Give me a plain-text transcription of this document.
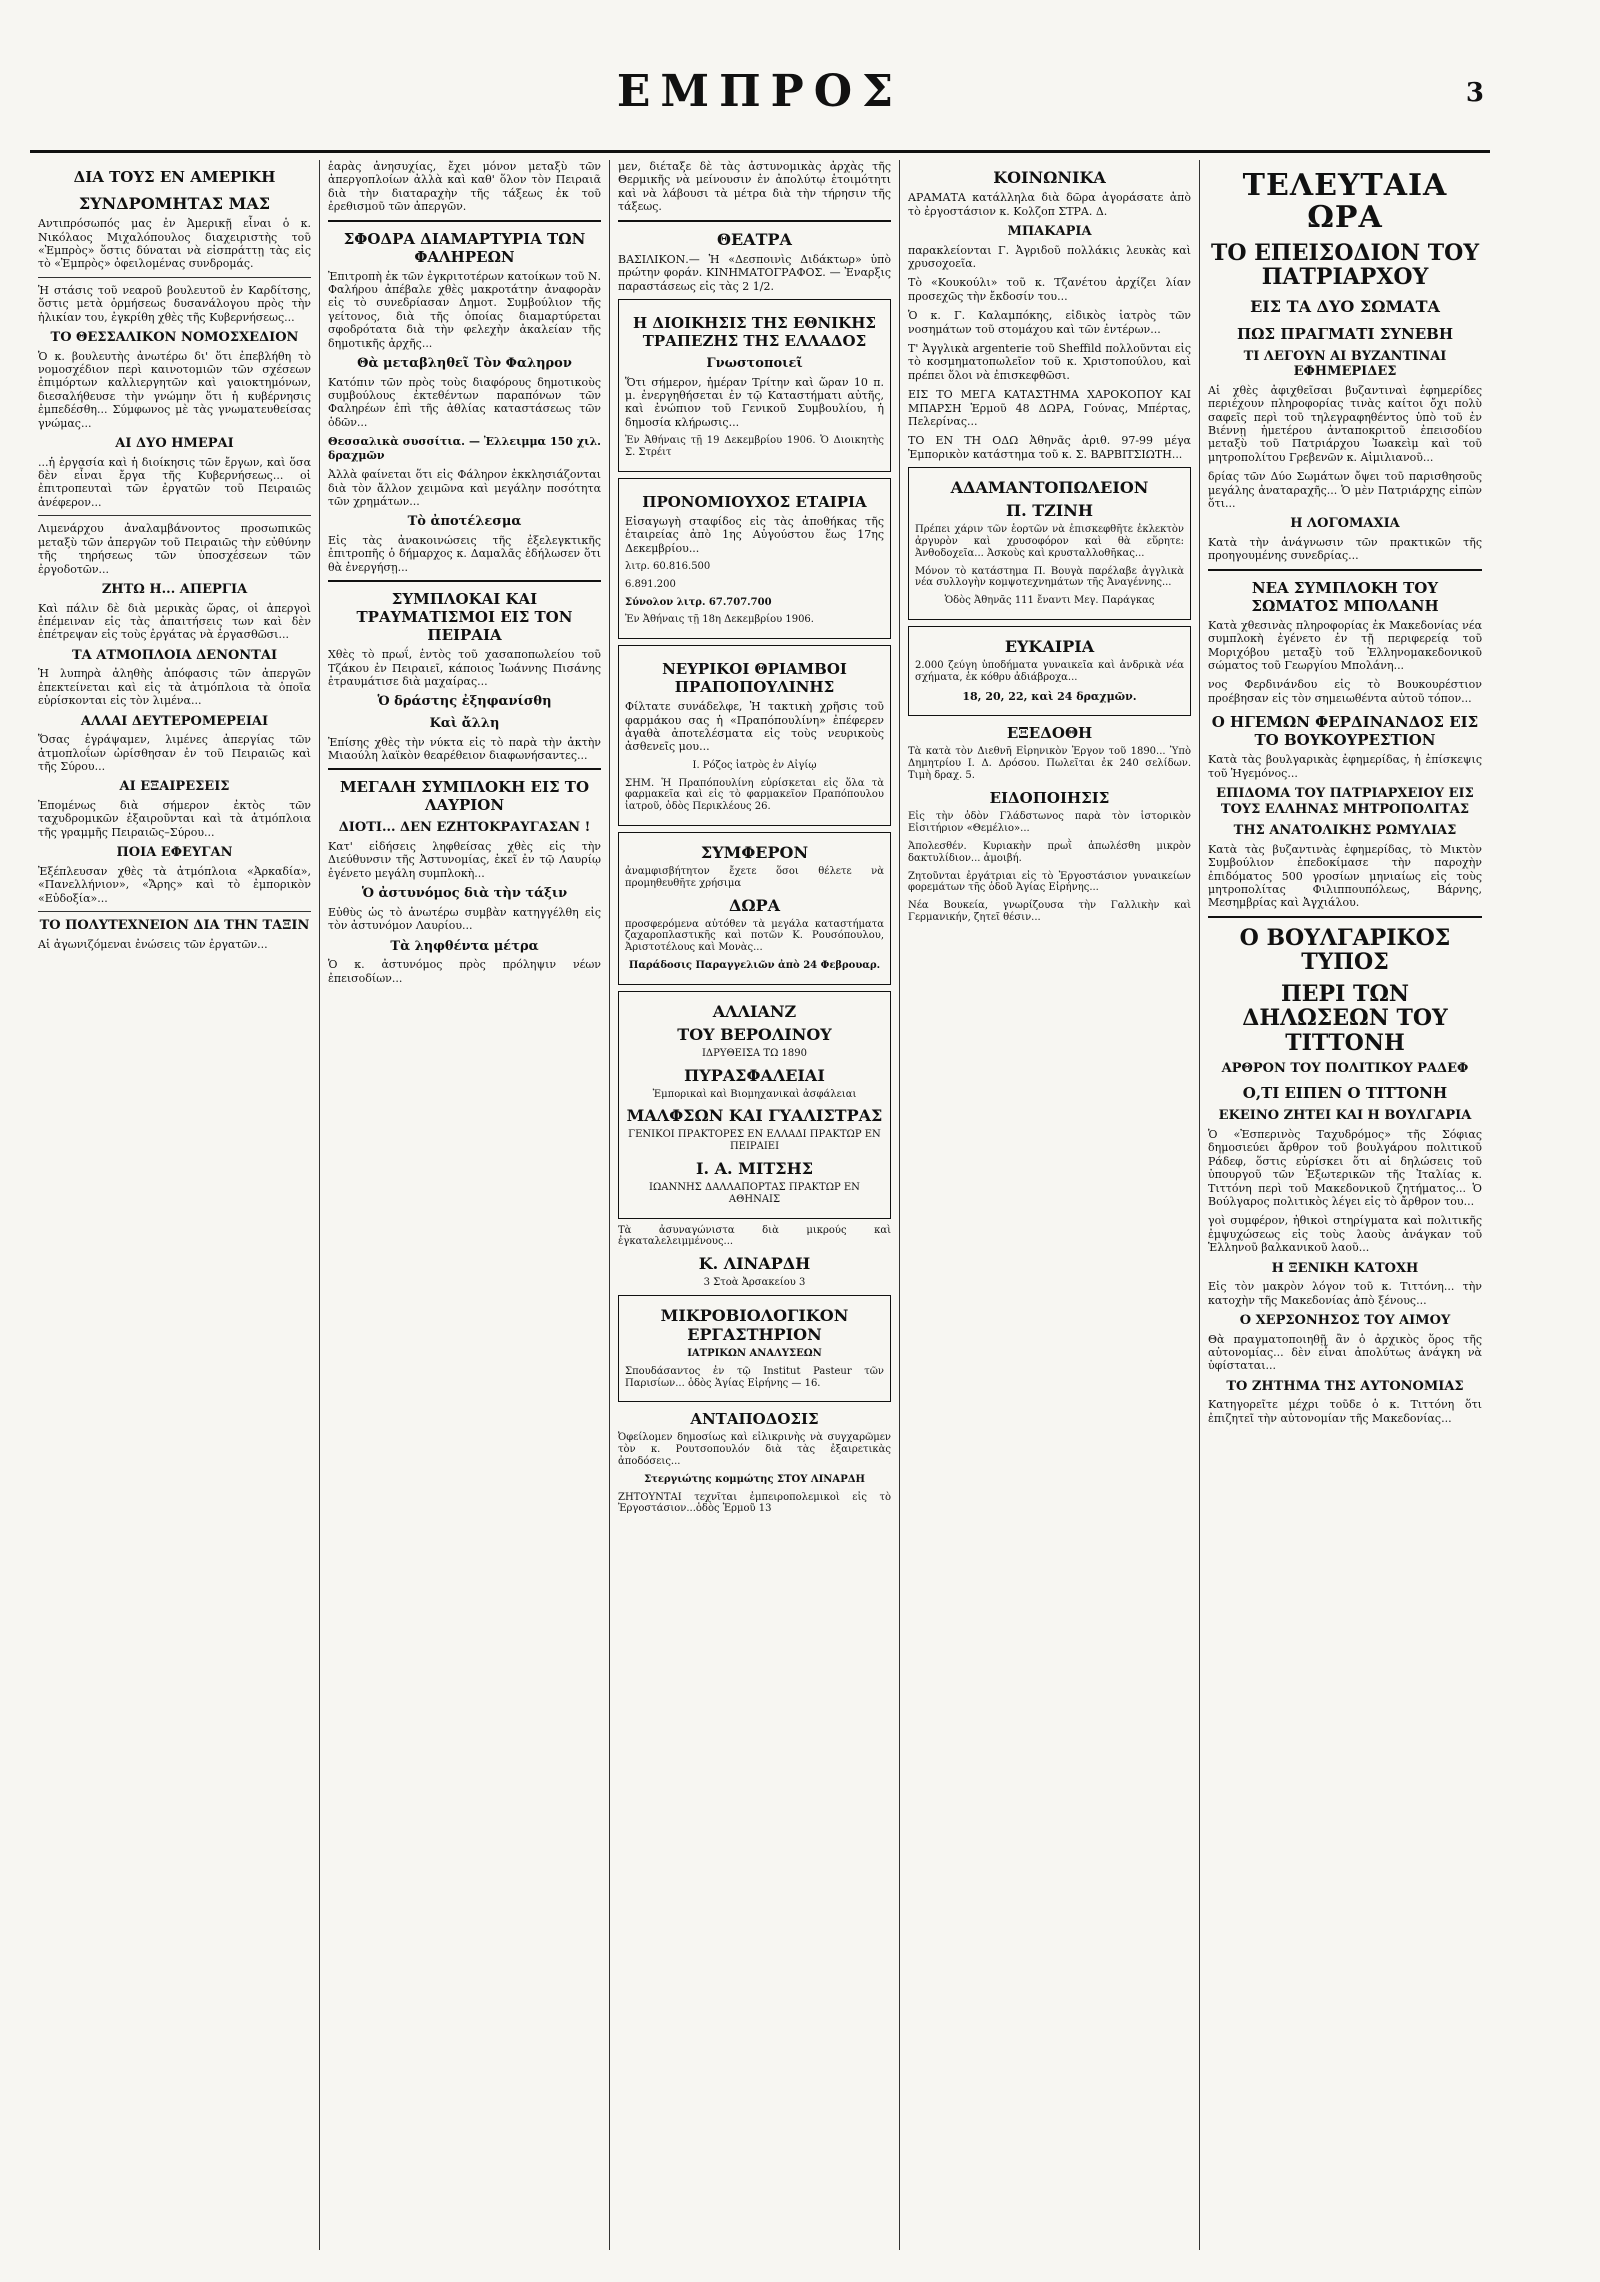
ΕΜΠΡΟΣ	3
ΔΙΑ ΤΟΥΣ ΕΝ ΑΜΕΡΙΚΗ
ΣΥΝΔΡΟΜΗΤΑΣ ΜΑΣ
Αντιπρόσωπός μας ἐν Ἀμερικῇ εἶναι ὁ κ. Νικόλαος Μιχαλόπουλος διαχειριστὴς τοῦ «Ἐμπρὸς» ὅστις δύναται νὰ εἰσπράττῃ τὰς εἰς τὸ «Ἐμπρὸς» ὀφειλομένας συνδρομάς.
Ἡ στάσις τοῦ νεαροῦ βουλευτοῦ ἐν Καρδίτσης, ὅστις μετὰ ὁρμήσεως δυσανάλογου πρὸς τὴν ἡλικίαν του, ἐγκρίθη χθὲς τῆς Κυβερνήσεως...
ΤΟ ΘΕΣΣΑΛΙΚΟΝ ΝΟΜΟΣΧΕΔΙΟΝ
Ὁ κ. βουλευτὴς ἀνωτέρω δι' ὅτι ἐπεβλήθη τὸ νομοσχέδιον περὶ καινοτομιῶν τῶν σχέσεων ἐπιμόρτων καλλιεργητῶν καὶ γαιοκτημόνων, διεσαλήθευσε τὴν γνώμην ὅτι ἡ κυβέρνησις ἐμπεδέσθη... Σύμφωνος μὲ τὰς γνωματευθείσας γνώμας...
ΑΙ ΔΥΟ ΗΜΕΡΑΙ
...ἡ ἐργασία καὶ ἡ διοίκησις τῶν ἔργων, καὶ ὅσα δὲν εἶναι ἔργα τῆς Κυβερνήσεως... οἱ ἐπιτροπευταὶ τῶν ἐργατῶν τοῦ Πειραιῶς ἀνέφερον...
Λιμενάρχου ἀναλαμβάνοντος προσωπικῶς μεταξὺ τῶν ἀπεργῶν τοῦ Πειραιῶς τὴν εὐθύνην τῆς τηρήσεως τῶν ὑποσχέσεων τῶν ἐργοδοτῶν...
ΖΗΤΩ Η... ΑΠΕΡΓΙΑ
Καὶ πάλιν δὲ διὰ μερικὰς ὥρας, οἱ ἀπεργοὶ ἐπέμειναν εἰς τὰς ἀπαιτήσεις των καὶ δὲν ἐπέτρεψαν εἰς τοὺς ἐργάτας νὰ ἐργασθῶσι...
ΤΑ ΑΤΜΟΠΛΟΙΑ ΔΕΝΟΝΤΑΙ
Ἡ λυπηρὰ ἀληθὴς ἀπόφασις τῶν ἀπεργῶν ἐπεκτείνεται καὶ εἰς τὰ ἀτμόπλοια τὰ ὁποῖα εὑρίσκονται εἰς τὸν λιμένα...
ΑΛΛΑΙ ΔΕΥΤΕΡΟΜΕΡΕΙΑΙ
Ὅσας ἐγράψαμεν, λιμένες ἀπεργίας τῶν ἀτμοπλοΐων ὡρίσθησαν ἐν τοῦ Πειραιῶς καὶ τῆς Σύρου...
ΑΙ ΕΞΑΙΡΕΣΕΙΣ
Ἐπομένως διὰ σήμερον ἐκτὸς τῶν ταχυδρομικῶν ἐξαιροῦνται καὶ τὰ ἀτμόπλοια τῆς γραμμῆς Πειραιῶς–Σύρου...
ΠΟΙΑ ΕΦΕΥΓΑΝ
Ἐξέπλευσαν χθὲς τὰ ἀτμόπλοια «Ἀρκαδία», «Πανελλήνιον», «Ἄρης» καὶ τὸ ἐμπορικὸν «Εὐδοξία»...
ΤΟ ΠΟΛΥΤΕΧΝΕΙΟΝ ΔΙΑ ΤΗΝ ΤΑΞΙΝ
Αἱ ἀγωνιζόμεναι ἐνώσεις τῶν ἐργατῶν...
ἑαρὰς ἀνησυχίας, ἔχει μόνον μεταξὺ τῶν ἀπεργοπλοίων ἀλλὰ καὶ καθ' ὅλον τὸν Πειραιᾶ διὰ τὴν διαταραχὴν τῆς τάξεως ἐκ τοῦ ἐρεθισμοῦ τῶν ἀπεργῶν.
ΣΦΟΔΡΑ ΔΙΑΜΑΡΤΥΡΙΑ ΤΩΝ ΦΑΛΗΡΕΩΝ
Ἐπιτροπὴ ἐκ τῶν ἐγκριτοτέρων κατοίκων τοῦ Ν. Φαλήρου ἀπέβαλε χθὲς μακροτάτην ἀναφορὰν εἰς τὸ συνεδρίασαν Δημοτ. Συμβούλιον τῆς γείτονος, διὰ τῆς ὁποίας διαμαρτύρεται σφοδρότατα διὰ τὴν φελεχὴν ἀκαλείαν τῆς δημοτικῆς ἀρχῆς...
Θὰ μεταβληθεῖ Τὸν Φαληρον
Κατόπιν τῶν πρὸς τοὺς διαφόρους δημοτικοὺς συμβούλους ἐκτεθέντων παραπόνων τῶν Φαληρέων ἐπὶ τῆς ἀθλίας καταστάσεως τῶν ὁδῶν...
Θεσσαλικὰ συσσίτια. — Ἐλλειμμα 150 χιλ. δραχμῶν
Ἀλλὰ φαίνεται ὅτι εἰς Φάληρον ἐκκλησιάζονται διὰ τὸν ἄλλον χειμῶνα καὶ μεγάλην ποσότητα τῶν χρημάτων...
Τὸ ἀποτέλεσμα
Εἰς τὰς ἀνακοινώσεις τῆς ἐξελεγκτικῆς ἐπιτροπῆς ὁ δήμαρχος κ. Δαμαλᾶς ἐδήλωσεν ὅτι θὰ ἐνεργήσῃ...
ΣΥΜΠΛΟΚΑΙ ΚΑΙ ΤΡΑΥΜΑΤΙΣΜΟΙ ΕΙΣ ΤΟΝ ΠΕΙΡΑΙΑ
Χθὲς τὸ πρωΐ, ἐντὸς τοῦ χασαποπωλείου τοῦ Τζάκου ἐν Πειραιεῖ, κάποιος Ἰωάννης Πισάνης ἐτραυμάτισε διὰ μαχαίρας...
Ὁ δράστης ἐξηφανίσθη
Καὶ ἄλλη
Ἐπίσης χθὲς τὴν νύκτα εἰς τὸ παρὰ τὴν ἀκτὴν Μιαούλη λαϊκὸν θεαρέθειον διαφωνήσαντες...
ΜΕΓΑΛΗ ΣΥΜΠΛΟΚΗ ΕΙΣ ΤΟ ΛΑΥΡΙΟΝ
ΔΙΟΤΙ... ΔΕΝ ΕΖΗΤΟΚΡΑΥΓΑΣΑΝ !
Κατ' εἰδήσεις ληφθείσας χθὲς εἰς τὴν Διεύθυνσιν τῆς Ἀστυνομίας, ἐκεῖ ἐν τῷ Λαυρίῳ ἐγένετο μεγάλη συμπλοκὴ...
Ὁ ἀστυνόμος διὰ τὴν τάξιν
Εὐθὺς ὡς τὸ ἀνωτέρω συμβὰν κατηγγέλθη εἰς τὸν ἀστυνόμον Λαυρίου...
Τὰ ληφθέντα μέτρα
Ὁ κ. ἀστυνόμος πρὸς πρόληψιν νέων ἐπεισοδίων...
μεν, διέταξε δὲ τὰς ἀστυνομικὰς ἀρχὰς τῆς Θερμικῆς νὰ μείνουσιν ἐν ἀπολύτῳ ἑτοιμότητι καὶ νὰ λάβουσι τὰ μέτρα διὰ τὴν τήρησιν τῆς τάξεως.
ΘΕΑΤΡΑ
ΒΑΣΙΛΙΚΟΝ.— Ἡ «Δεσποινὶς Διδάκτωρ» ὑπὸ πρώτην φοράν. ΚΙΝΗΜΑΤΟΓΡΑΦΟΣ. — Ἐναρξις παραστάσεως εἰς τὰς 2 1/2.
Η ΔΙΟΙΚΗΣΙΣ ΤΗΣ ΕΘΝΙΚΗΣ ΤΡΑΠΕΖΗΣ ΤΗΣ ΕΛΛΑΔΟΣ
Γνωστοποιεῖ
Ὅτι σήμερον, ἡμέραν Τρίτην καὶ ὥραν 10 π. μ. ἐνεργηθήσεται ἐν τῷ Καταστήματι αὐτῆς, καὶ ἐνώπιον τοῦ Γενικοῦ Συμβουλίου, ἡ δημοσία κλήρωσις...
Ἐν Ἀθήναις τῇ 19 Δεκεμβρίου 1906. Ὁ Διοικητὴς Σ. Στρέιτ
ΠΡΟΝΟΜΙΟΥΧΟΣ ΕΤΑΙΡΙΑ
Εἰσαγωγὴ σταφίδος εἰς τὰς ἀποθήκας τῆς ἑταιρείας ἀπὸ 1ης Αὐγούστου ἕως 17ης Δεκεμβρίου...
λιτρ. 60.816.500
6.891.200
Σύνολον λιτρ. 67.707.700
Ἐν Ἀθήναις τῇ 18η Δεκεμβρίου 1906.
ΝΕΥΡΙΚΟΙ ΘΡΙΑΜΒΟΙ ΠΡΑΠΟΠΟΥΛΙΝΗΣ
Φίλτατε συνάδελφε, Ἡ τακτικὴ χρῆσις τοῦ φαρμάκου σας ἡ «Πραπόπουλίνη» ἐπέφερεν ἀγαθὰ ἀποτελέσματα εἰς τοὺς νευρικοὺς ἀσθενεῖς μου...
Ι. Ρόζος ἰατρὸς ἐν Αἰγίῳ
ΣΗΜ. Ἡ Πραπόπουλίνη εὑρίσκεται εἰς ὅλα τὰ φαρμακεῖα καὶ εἰς τὸ φαρμακεῖον Πραπόπουλου ἰατροῦ, ὁδὸς Περικλέους 26.
ΣΥΜΦΕΡΟΝ
ἀναμφισβήτητον ἔχετε ὅσοι θέλετε νὰ προμηθευθῆτε χρήσιμα
ΔΩΡΑ
προσφερόμενα αὐτόθεν τὰ μεγάλα καταστήματα ζαχαροπλαστικῆς καὶ ποτῶν Κ. Ρουσόπουλου, Ἀριστοτέλους καὶ Μονὰς...
Παράδοσις Παραγγελιῶν ἀπὸ 24 Φεβρουαρ.
ΑΛΛΙΑΝΖ
ΤΟΥ ΒΕΡΟΛΙΝΟΥ
ΙΔΡΥΘΕΙΣΑ ΤΩ 1890
ΠΥΡΑΣΦΑΛΕΙΑΙ
Ἐμπορικαὶ καὶ Βιομηχανικαὶ ἀσφάλειαι
ΜΑΛΦΣΩΝ ΚΑΙ ΓΥΑΛΙΣΤΡΑΣ
ΓΕΝΙΚΟΙ ΠΡΑΚΤΟΡΕΣ ΕΝ ΕΛΛΑΔΙ ΠΡΑΚΤΩΡ ΕΝ ΠΕΙΡΑΙΕΙ
Ι. Α. ΜΙΤΣΗΣ
ΙΩΑΝΝΗΣ ΔΑΛΛΑΠΟΡΤΑΣ ΠΡΑΚΤΩΡ ΕΝ ΑΘΗΝΑΙΣ
Τὰ ἀσυναγώνιστα διὰ μικρούς καὶ ἐγκαταλελειμμένους...
Κ. ΛΙΝΑΡΔΗ
3 Στοὰ Ἀρσακείου 3
ΜΙΚΡΟΒΙΟΛΟΓΙΚΟΝ ΕΡΓΑΣΤΗΡΙΟΝ
ΙΑΤΡΙΚΩΝ ΑΝΑΛΥΣΕΩΝ
Σπουδάσαντος ἐν τῷ Institut Pasteur τῶν Παρισίων... ὁδὸς Ἁγίας Εἰρήνης — 16.
ΑΝΤΑΠΟΔΟΣΙΣ
Ὀφείλομεν δημοσίως καὶ εἰλικρινὴς νὰ συγχαρῶμεν τὸν κ. Ρουτσοπουλόν διὰ τὰς ἐξαιρετικὰς ἀποδόσεις...
Στεργιώτης κομμώτης ΣΤΟΥ ΛΙΝΑΡΔΗ
ΖΗΤΟΥΝΤΑΙ τεχνῖται ἐμπειροπολεμικοὶ εἰς τὸ Ἐργοστάσιον...ὁδὸς Ἑρμοῦ 13
ΚΟΙΝΩΝΙΚΑ
ΑΡΑΜΑΤΑ κατάλληλα διὰ δῶρα ἀγοράσατε ἀπὸ τὸ ἐργοστάσιον κ. Κολζοπ ΣΤΡΑ. Δ.
ΜΠΑΚΑΡΙΑ
παρακλείονται Γ. Ἀγριδοῦ πολλάκις λευκὰς καὶ χρυσοχοεῖα.
Τὸ «Κουκούλι» τοῦ κ. Τζανέτου ἀρχίζει λίαν προσεχῶς τὴν ἔκδοσίν του...
Ὁ κ. Γ. Καλαμπόκης, εἰδικὸς ἰατρὸς τῶν νοσημάτων τοῦ στομάχου καὶ τῶν ἐντέρων...
Τ' Ἀγγλικὰ argenterie τοῦ Sheffild πολλοῦνται εἰς τὸ κοσμηματοπωλεῖον τοῦ κ. Χριστοπούλου, καὶ πρέπει ὅλοι νὰ ἐπισκεφθῶσι.
ΕΙΣ ΤΟ ΜΕΓΑ ΚΑΤΑΣΤΗΜΑ ΧΑΡΟΚΟΠΟΥ ΚΑΙ ΜΠΑΡΣΗ Ἑρμοῦ 48 ΔΩΡΑ, Γούνας, Μπέρτας, Πελερίνας...
ΤΟ ΕΝ ΤΗ ΟΔΩ Ἀθηνᾶς ἀριθ. 97-99 μέγα Ἐμπορικὸν κατάστημα τοῦ κ. Σ. ΒΑΡΒΙΤΣΙΩΤΗ...
ΑΔΑΜΑΝΤΟΠΩΛΕΙΟΝ
Π. ΤΖΙΝΗ
Πρέπει χάριν τῶν ἑορτῶν νὰ ἐπισκεφθῆτε ἐκλεκτὸν ἀργυρὸν καὶ χρυσοφόρον καὶ θὰ εὕρητε: Ἀνθοδοχεῖα... Ἀσκοὺς καὶ κρυσταλλοθῆκας...
Μόνον τὸ κατάστημα Π. Βουγὰ παρέλαβε ἀγγλικὰ νέα συλλογὴν κομψοτεχνημάτων τῆς Ἀναγέννης...
Ὁδὸς Ἀθηνᾶς 111 ἔναντι Μεγ. Παράγκας
ΕΥΚΑΙΡΙΑ
2.000 ζεύγη ὑποδήματα γυναικεῖα καὶ ἀνδρικὰ νέα σχήματα, ἐκ κόθρυ ἀδιάβροχα...
18, 20, 22, καὶ 24 δραχμῶν.
ΕΞΕΔΟΘΗ
Τὰ κατὰ τὸν Διεθνῆ Εἰρηνικὸν Ἐργον τοῦ 1890... Ὑπὸ Δημητρίου Ι. Δ. Δρόσου. Πωλεῖται ἐκ 240 σελίδων. Τιμὴ δραχ. 5.
ΕΙΔΟΠΟΙΗΣΙΣ
Εἰς τὴν ὁδὸν Γλάδστωνος παρὰ τὸν ἱστορικὸν Εἰσιτήριον «Θεμέλιο»...
Ἀπολεσθέν. Κυριακὴν πρωῒ ἀπωλέσθη μικρὸν δακτυλίδιον... ἀμοιβή.
Ζητοῦνται ἐργάτριαι εἰς τὸ Ἐργοστάσιον γυναικείων φορεμάτων τῆς ὁδοῦ Ἀγίας Εἰρήνης...
Νέα Βουκεία, γνωρίζουσα τὴν Γαλλικὴν καὶ Γερμανικήν, ζητεῖ θέσιν...
ΤΕΛΕΥΤΑΙΑ ΩΡΑ
ΤΟ ΕΠΕΙΣΟΔΙΟΝ ΤΟΥ ΠΑΤΡΙΑΡΧΟΥ
ΕΙΣ ΤΑ ΔΥΟ ΣΩΜΑΤΑ
ΠΩΣ ΠΡΑΓΜΑΤΙ ΣΥΝΕΒΗ
ΤΙ ΛΕΓΟΥΝ ΑΙ ΒΥΖΑΝΤΙΝΑΙ ΕΦΗΜΕΡΙΔΕΣ
Αἱ χθὲς ἀφιχθεῖσαι βυζαντιναὶ ἐφημερίδες περιέχουν πληροφορίας τινὰς καίτοι ὄχι πολὺ σαφεῖς περὶ τοῦ τηλεγραφηθέντος ὑπὸ τοῦ ἐν Βιέννῃ ἡμετέρου ἀνταποκριτοῦ ἐπεισοδίου μεταξὺ τοῦ Πατριάρχου Ἰωακεὶμ καὶ τοῦ μητροπολίτου Γρεβενῶν κ. Αἰμιλιανοῦ...
δρίας τῶν Δύο Σωμάτων ὄψει τοῦ παρισθησοῦς μεγάλης ἀναταραχῆς... Ὁ μὲν Πατριάρχης εἰπὼν ὅτι...
Η ΛΟΓΟΜΑΧΙΑ
Κατὰ τὴν ἀνάγνωσιν τῶν πρακτικῶν τῆς προηγουμένης συνεδρίας...
ΝΕΑ ΣΥΜΠΛΟΚΗ ΤΟΥ ΣΩΜΑΤΟΣ ΜΠΟΛΑΝΗ
Κατὰ χθεσινὰς πληροφορίας ἐκ Μακεδονίας νέα συμπλοκὴ ἐγένετο ἐν τῇ περιφερείᾳ τοῦ Μοριχόβου μεταξὺ τοῦ Ἑλληνομακεδονικοῦ σώματος τοῦ Γεωργίου Μπολάνη...
νος Φερδινάνδου εἰς τὸ Βουκουρέστιον προέβησαν εἰς τὸν σημειωθέντα αὐτοῦ τόπον...
Ο ΗΓΕΜΩΝ ΦΕΡΔΙΝΑΝΔΟΣ ΕΙΣ ΤΟ ΒΟΥΚΟΥΡΕΣΤΙΟΝ
Κατὰ τὰς βουλγαρικὰς ἐφημερίδας, ἡ ἐπίσκεψις τοῦ Ἡγεμόνος...
ΕΠΙΔΟΜΑ ΤΟΥ ΠΑΤΡΙΑΡΧΕΙΟΥ ΕΙΣ ΤΟΥΣ ΕΛΛΗΝΑΣ ΜΗΤΡΟΠΟΛΙΤΑΣ
ΤΗΣ ΑΝΑΤΟΛΙΚΗΣ ΡΩΜΥΛΙΑΣ
Κατὰ τὰς βυζαντινὰς ἐφημερίδας, τὸ Μικτὸν Συμβούλιον ἐπεδοκίμασε τὴν παροχὴν ἐπιδόματος 500 γροσίων μηνιαίως εἰς τοὺς μητροπολίτας Φιλιππουπόλεως, Βάρνης, Μεσημβρίας καὶ Ἀγχιάλου.
Ο ΒΟΥΛΓΑΡΙΚΟΣ ΤΥΠΟΣ
ΠΕΡΙ ΤΩΝ ΔΗΛΩΣΕΩΝ ΤΟΥ ΤΙΤΤΟΝΗ
ΑΡΘΡΟΝ ΤΟΥ ΠΟΛΙΤΙΚΟΥ ΡΑΔΕΦ
Ο,ΤΙ ΕΙΠΕΝ Ο ΤΙΤΤΟΝΗ
ΕΚΕΙΝΟ ΖΗΤΕΙ ΚΑΙ Η ΒΟΥΛΓΑΡΙΑ
Ὁ «Ἐσπερινὸς Ταχυδρόμος» τῆς Σόφιας δημοσιεύει ἄρθρον τοῦ βουλγάρου πολιτικοῦ Ράδεφ, ὅστις εὑρίσκει ὅτι αἱ δηλώσεις τοῦ ὑπουργοῦ τῶν Ἐξωτερικῶν τῆς Ἰταλίας κ. Τιττόνη περὶ τοῦ Μακεδονικοῦ ζητήματος... Ὁ Βούλγαρος πολιτικὸς λέγει εἰς τὸ ἄρθρον του...
γοὶ συμφέρον, ἠθικοὶ στηρίγματα καὶ πολιτικῆς ἐμψυχώσεως εἰς τοὺς λαοὺς ἀνάγκαν τοῦ Ἑλληνοῦ βαλκανικοῦ λαοῦ...
Η ΞΕΝΙΚΗ ΚΑΤΟΧΗ
Εἰς τὸν μακρὸν λόγον τοῦ κ. Τιττόνη... τὴν κατοχὴν τῆς Μακεδονίας ἀπὸ ξένους...
Ο ΧΕΡΣΟΝΗΣΟΣ ΤΟΥ ΑΙΜΟΥ
Θὰ πραγματοποιηθῇ ἂν ὁ ἀρχικὸς ὅρος τῆς αὐτονομίας... δὲν εἶναι ἀπολύτως ἀνάγκη νὰ ὑφίσταται...
ΤΟ ΖΗΤΗΜΑ ΤΗΣ ΑΥΤΟΝΟΜΙΑΣ
Κατηγορεῖτε μέχρι τοῦδε ὁ κ. Τιττόνη ὅτι ἐπιζητεῖ τὴν αὐτονομίαν τῆς Μακεδονίας...
